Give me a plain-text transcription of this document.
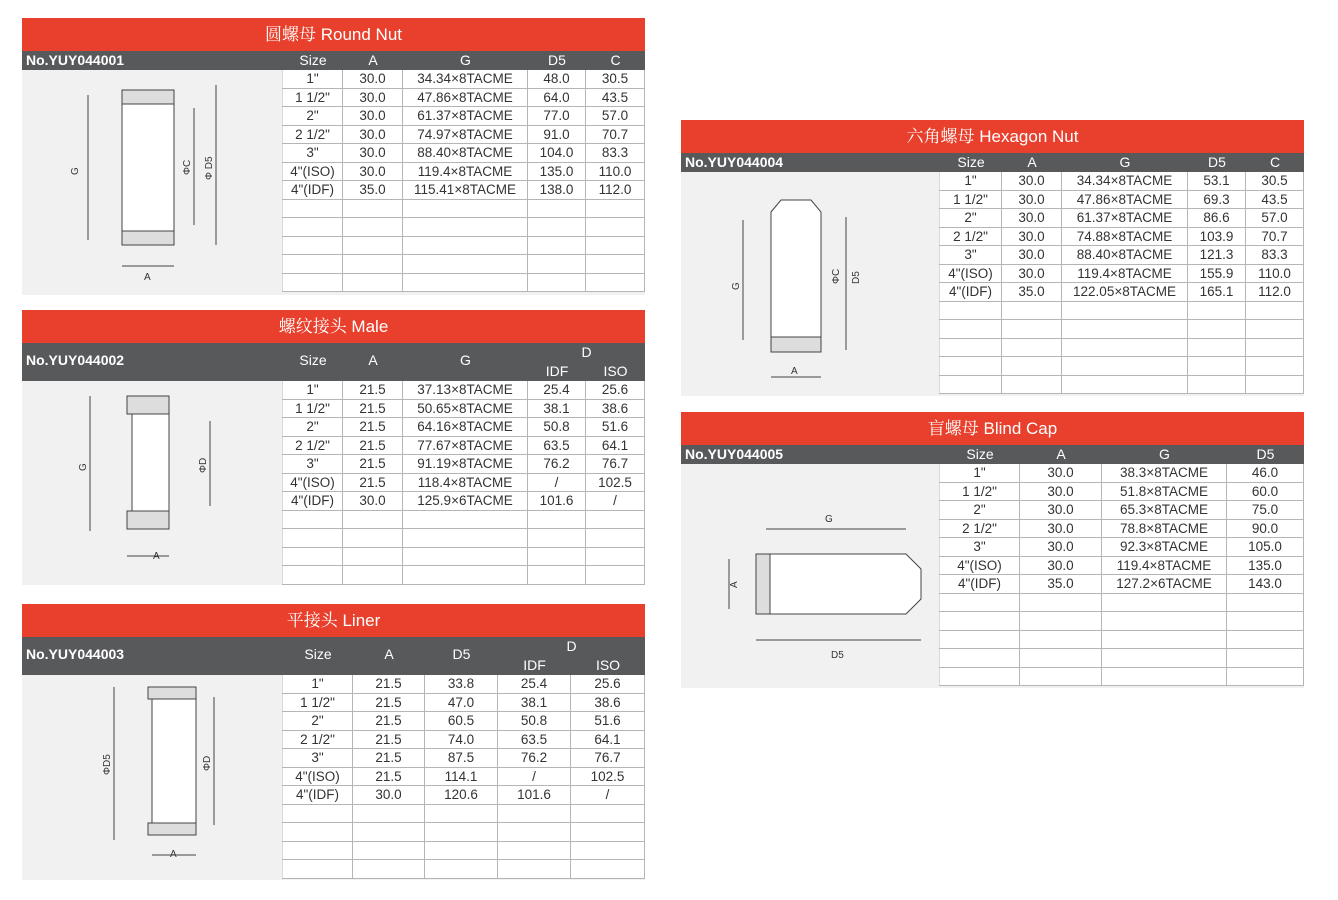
圆螺母 Round Nut
No.YUY044001	Size	A	G	D5	C
G	ΦC Φ D5
A
1"	30.0	34.34×8TACME	48.0	30.5
1 1/2"	30.0	47.86×8TACME	64.0	43.5
2"	30.0	61.37×8TACME	77.0	57.0
2 1/2"	30.0	74.97×8TACME	91.0	70.7
3"	30.0	88.40×8TACME	104.0	83.3
4"(ISO)	30.0	119.4×8TACME	135.0	110.0
4"(IDF)	35.0	115.41×8TACME	138.0	112.0

螺纹接头 Male
No.YUY044002	Size	A	G	D
IDF	ISO
G	ΦD
A
1"	21.5	37.13×8TACME	25.4	25.6
1 1/2"	21.5	50.65×8TACME	38.1	38.6
2"	21.5	64.16×8TACME	50.8	51.6
2 1/2"	21.5	77.67×8TACME	63.5	64.1
3"	21.5	91.19×8TACME	76.2	76.7
4"(ISO)	21.5	118.4×8TACME	/	102.5
4"(IDF)	30.0	125.9×6TACME	101.6	/

平接头 Liner
No.YUY044003	Size	A	D5	D
IDF	ISO
ΦD5	ΦD
A
1"	21.5	33.8	25.4	25.6
1 1/2"	21.5	47.0	38.1	38.6
2"	21.5	60.5	50.8	51.6
2 1/2"	21.5	74.0	63.5	64.1
3"	21.5	87.5	76.2	76.7
4"(ISO)	21.5	114.1	/	102.5
4"(IDF)	30.0	120.6	101.6	/

六角螺母 Hexagon Nut
No.YUY044004	Size	A	G	D5	C
G
ΦC D5
A
1"	30.0	34.34×8TACME	53.1	30.5
1 1/2"	30.0	47.86×8TACME	69.3	43.5
2"	30.0	61.37×8TACME	86.6	57.0
2 1/2"	30.0	74.88×8TACME	103.9	70.7
3"	30.0	88.40×8TACME	121.3	83.3
4"(ISO)	30.0	119.4×8TACME	155.9	110.0
4"(IDF)	35.0	122.05×8TACME	165.1	112.0

盲螺母 Blind Cap
No.YUY044005	Size	A	G	D5
G
A
D5
1"	30.0	38.3×8TACME	46.0
1 1/2"	30.0	51.8×8TACME	60.0
2"	30.0	65.3×8TACME	75.0
2 1/2"	30.0	78.8×8TACME	90.0
3"	30.0	92.3×8TACME	105.0
4"(ISO)	30.0	119.4×8TACME	135.0
4"(IDF)	35.0	127.2×6TACME	143.0
